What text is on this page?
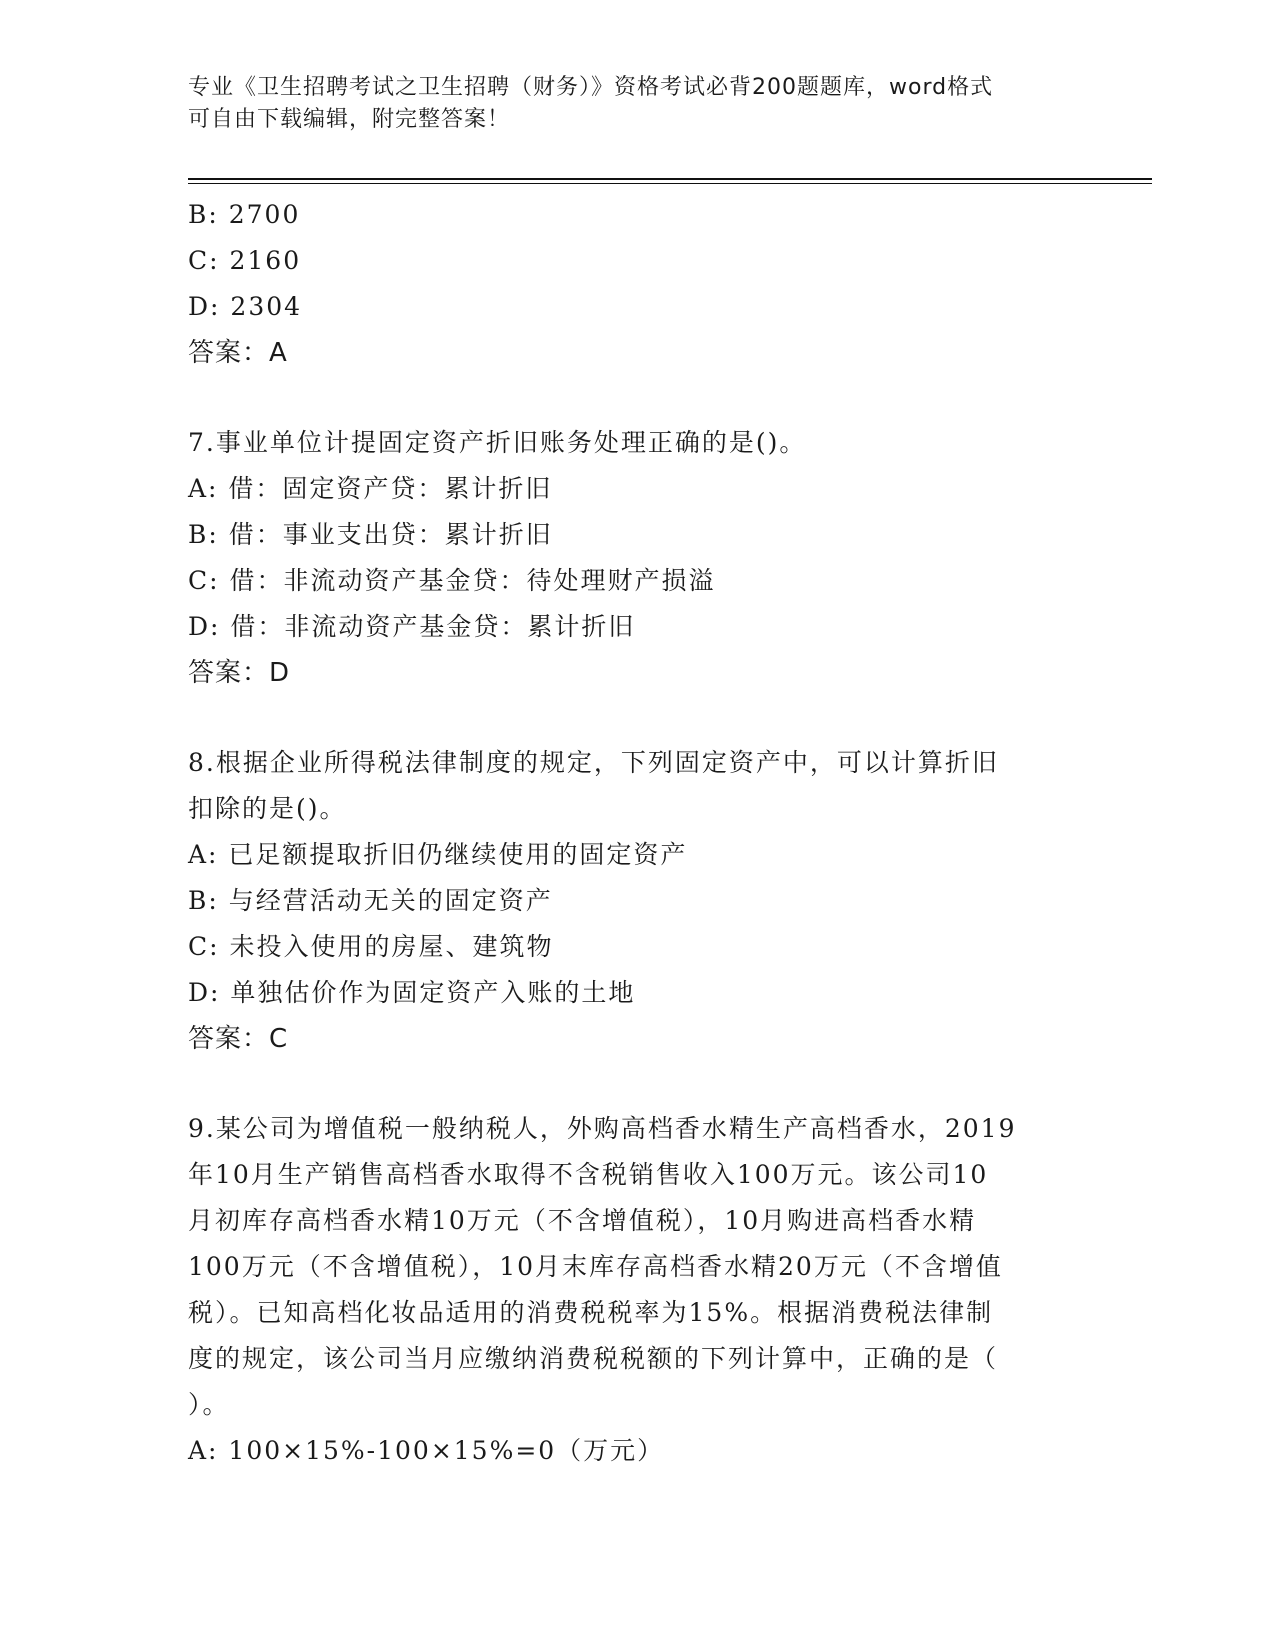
专业《卫生招聘考试之卫生招聘（财务）》资格考试必背200题题库，word格式
可自由下载编辑，附完整答案！
B: 2700
C: 2160
D: 2304
答案：A
7.事业单位计提固定资产折旧账务处理正确的是()。
A: 借：固定资产贷：累计折旧
B: 借：事业支出贷：累计折旧
C: 借：非流动资产基金贷：待处理财产损溢
D: 借：非流动资产基金贷：累计折旧
答案：D
8.根据企业所得税法律制度的规定，下列固定资产中，可以计算折旧
扣除的是()。
A: 已足额提取折旧仍继续使用的固定资产
B: 与经营活动无关的固定资产
C: 未投入使用的房屋、建筑物
D: 单独估价作为固定资产入账的土地
答案：C
9.某公司为增值税一般纳税人，外购高档香水精生产高档香水，2019
年10月生产销售高档香水取得不含税销售收入100万元。该公司10
月初库存高档香水精10万元（不含增值税），10月购进高档香水精
100万元（不含增值税），10月末库存高档香水精20万元（不含增值
税）。已知高档化妆品适用的消费税税率为15%。根据消费税法律制
度的规定，该公司当月应缴纳消费税税额的下列计算中，正确的是（
）。
A: 100×15%-100×15%=0（万元）
